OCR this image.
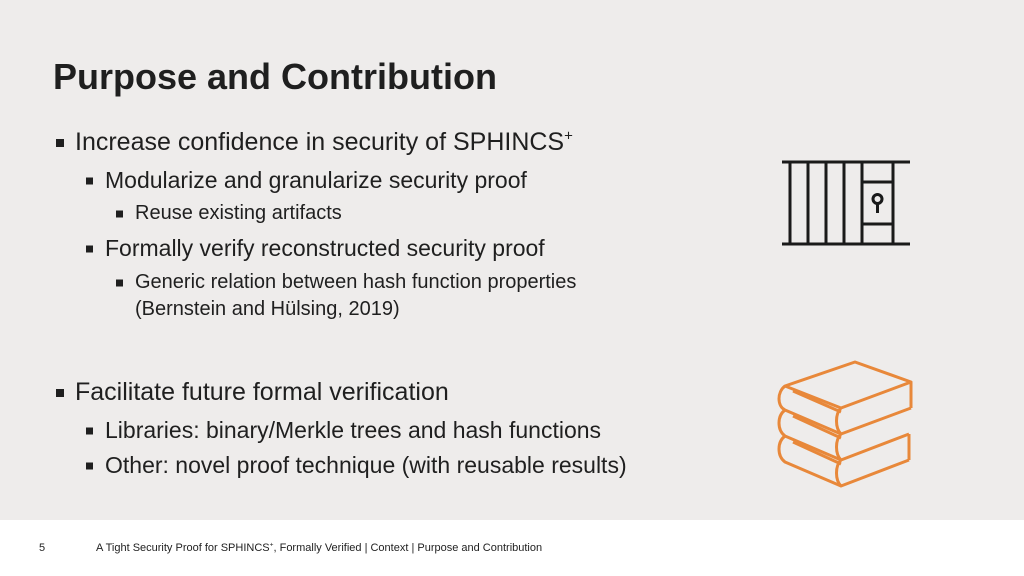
Purpose and Contribution
Increase confidence in security of SPHINCS+
Modularize and granularize security proof
Reuse existing artifacts
Formally verify reconstructed security proof
Generic relation between hash function properties
(Bernstein and Hülsing, 2019)
Facilitate future formal verification
Libraries: binary/Merkle trees and hash functions
Other: novel proof technique (with reusable results)
5	A Tight Security Proof for SPHINCS+, Formally Verified | Context | Purpose and Contribution
